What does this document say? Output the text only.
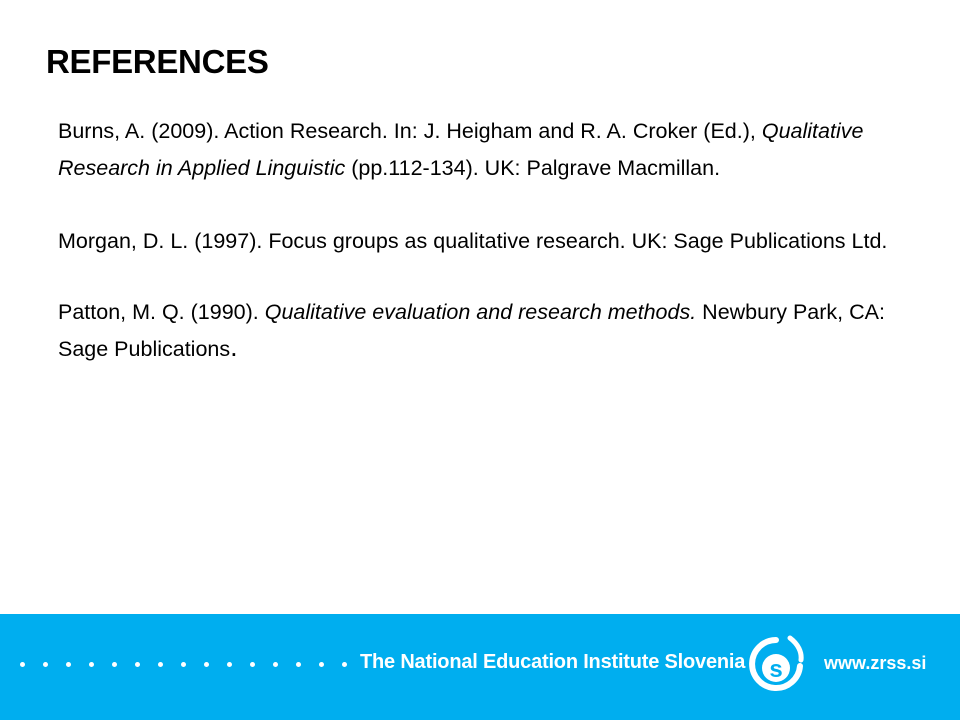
REFERENCES
Burns, A. (2009). Action Research. In: J. Heigham and R. A. Croker (Ed.), Qualitative Research in Applied Linguistic (pp.112-134). UK: Palgrave Macmillan.
Morgan, D. L. (1997). Focus groups as qualitative research. UK: Sage Publications Ltd.
Patton, M. Q. (1990). Qualitative evaluation and research methods. Newbury Park, CA: Sage Publications.
The National Education Institute Slovenia s www.zrss.si
